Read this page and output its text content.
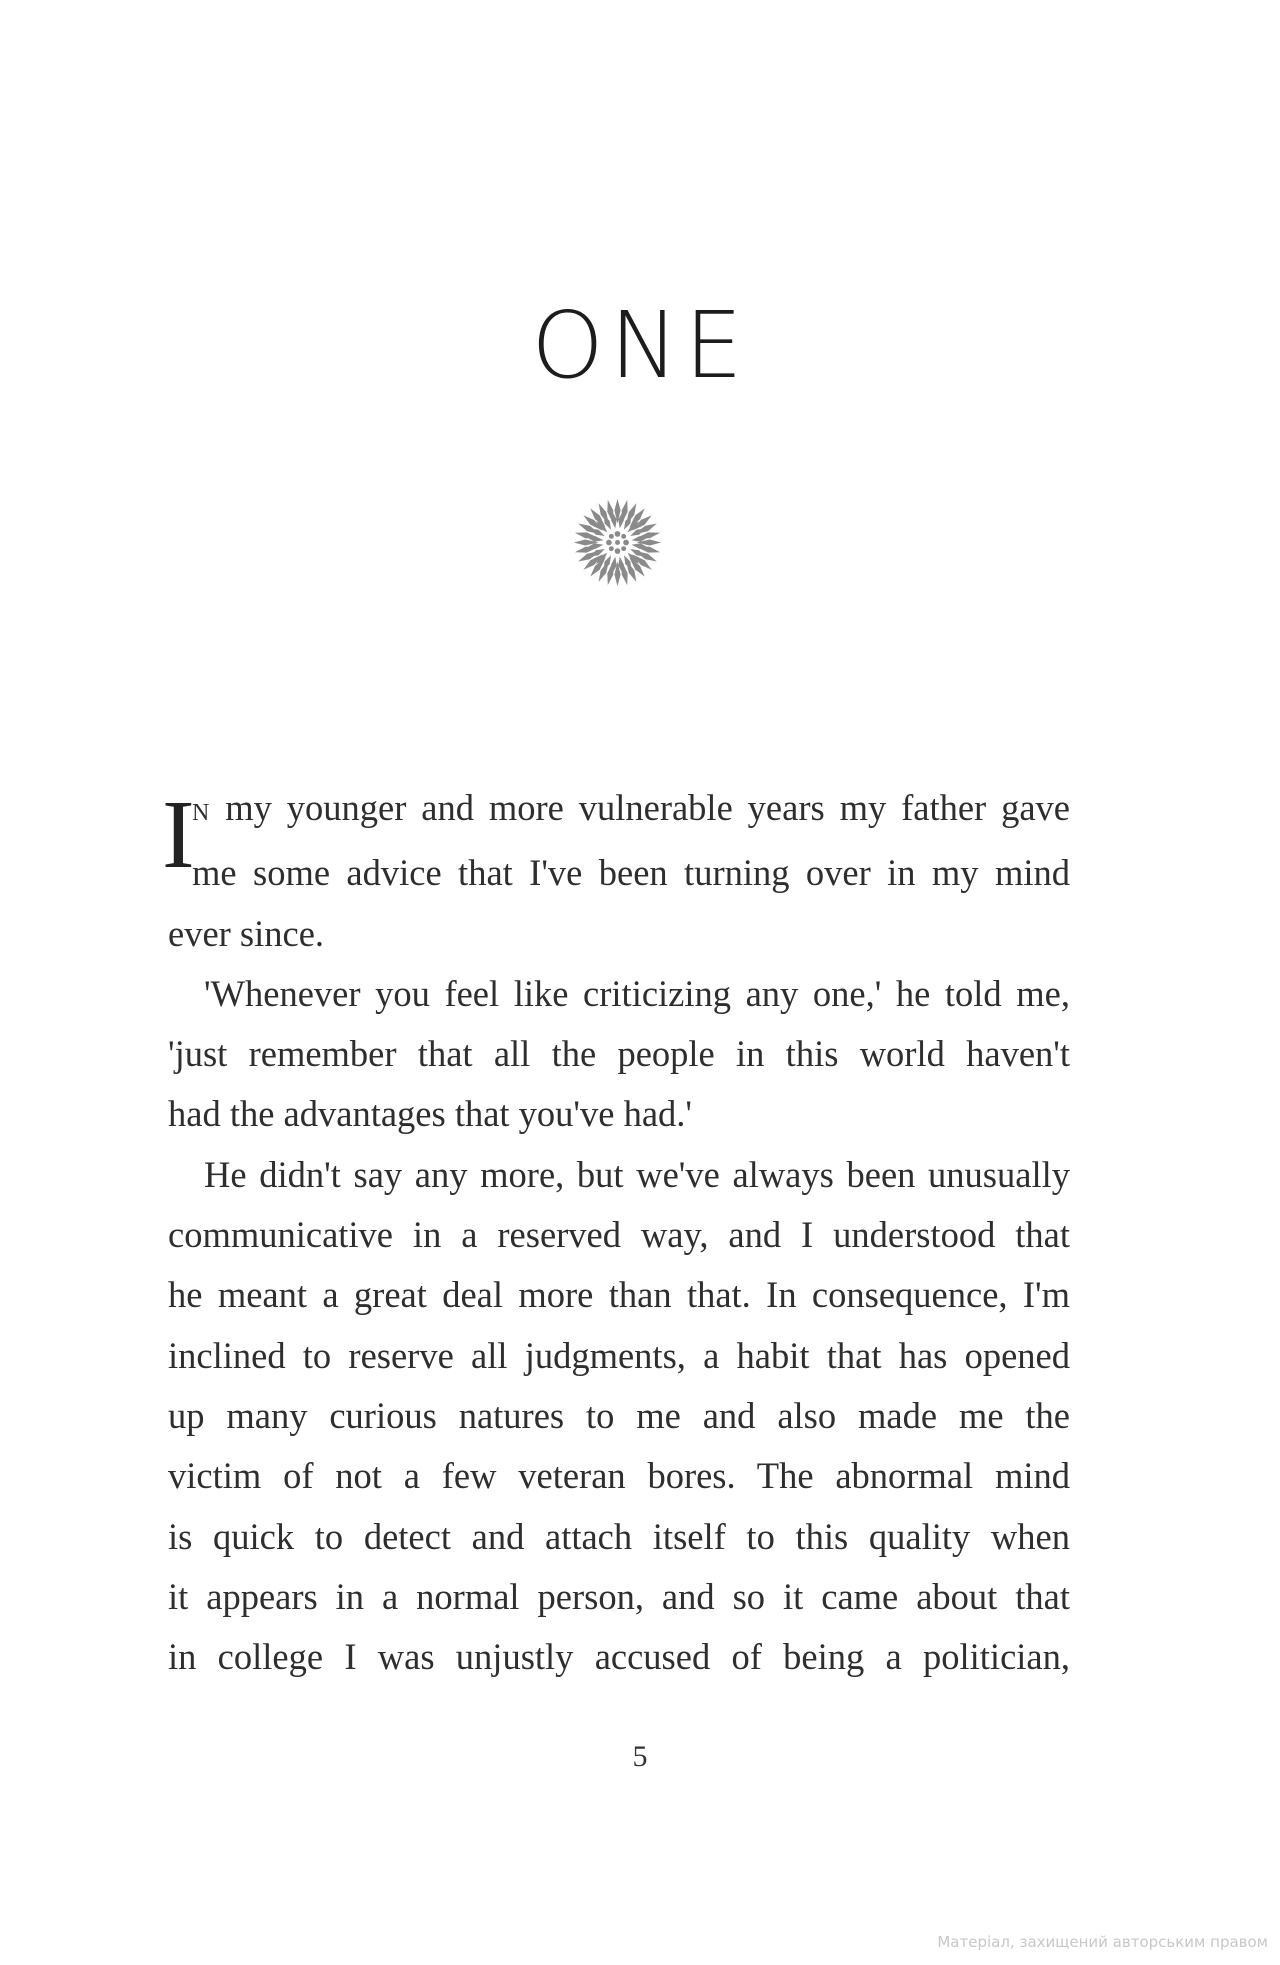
ONE
I
N my younger and more vulnerable years my father gave
me some advice that I've been turning over in my mind
ever since.
'Whenever you feel like criticizing any one,' he told me,
'just remember that all the people in this world haven't
had the advantages that you've had.'
He didn't say any more, but we've always been unusually
communicative in a reserved way, and I understood that
he meant a great deal more than that. In consequence, I'm
inclined to reserve all judgments, a habit that has opened
up many curious natures to me and also made me the
victim of not a few veteran bores. The abnormal mind
is quick to detect and attach itself to this quality when
it appears in a normal person, and so it came about that
in college I was unjustly accused of being a politician,
5
Матеріал, захищений авторським правом
